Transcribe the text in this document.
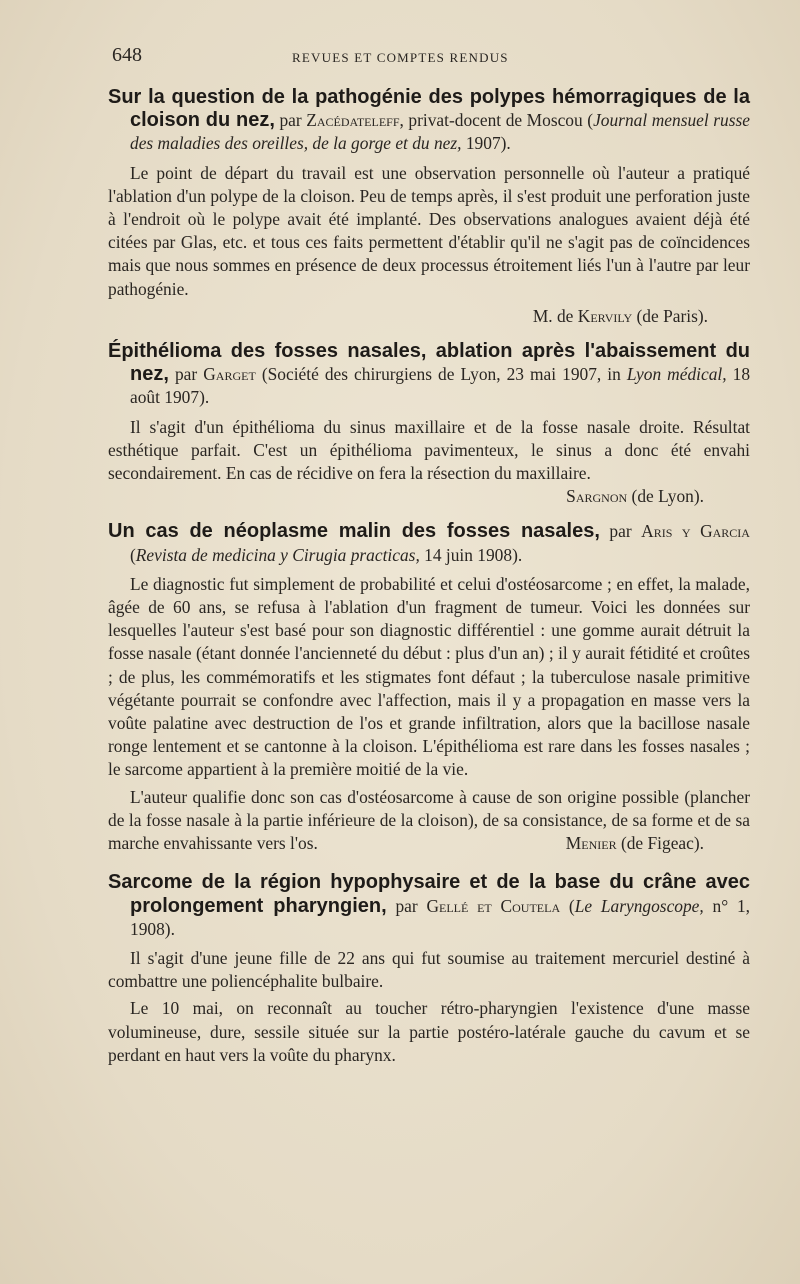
648	REVUES ET COMPTES RENDUS

Sur la question de la pathogénie des polypes hémorragiques de la cloison du nez, par Zacédateleff, privat-docent de Moscou (Journal mensuel russe des maladies des oreilles, de la gorge et du nez, 1907).

Le point de départ du travail est une observation personnelle où l'auteur a pratiqué l'ablation d'un polype de la cloison. Peu de temps après, il s'est produit une perforation juste à l'endroit où le polype avait été implanté. Des observations analogues avaient déjà été citées par Glas, etc. et tous ces faits permettent d'établir qu'il ne s'agit pas de coïncidences mais que nous sommes en présence de deux processus étroitement liés l'un à l'autre par leur pathogénie.

M. de Kervily (de Paris).

Épithélioma des fosses nasales, ablation après l'abaissement du nez, par Garget (Société des chirurgiens de Lyon, 23 mai 1907, in Lyon médical, 18 août 1907).

Il s'agit d'un épithélioma du sinus maxillaire et de la fosse nasale droite. Résultat esthétique parfait. C'est un épithélioma pavimenteux, le sinus a donc été envahi secondairement. En cas de récidive on fera la résection du maxillaire.
Sargnon (de Lyon).

Un cas de néoplasme malin des fosses nasales, par Aris y Garcia (Revista de medicina y Cirugia practicas, 14 juin 1908).

Le diagnostic fut simplement de probabilité et celui d'ostéosarcome ; en effet, la malade, âgée de 60 ans, se refusa à l'ablation d'un fragment de tumeur. Voici les données sur lesquelles l'auteur s'est basé pour son diagnostic différentiel : une gomme aurait détruit la fosse nasale (étant donnée l'ancienneté du début : plus d'un an) ; il y aurait fétidité et croûtes ; de plus, les commémoratifs et les stigmates font défaut ; la tuberculose nasale primitive végétante pourrait se confondre avec l'affection, mais il y a propagation en masse vers la voûte palatine avec destruction de l'os et grande infiltration, alors que la bacillose nasale ronge lentement et se cantonne à la cloison. L'épithélioma est rare dans les fosses nasales ; le sarcome appartient à la première moitié de la vie.

L'auteur qualifie donc son cas d'ostéosarcome à cause de son origine possible (plancher de la fosse nasale à la partie inférieure de la cloison), de sa consistance, de sa forme et de sa marche envahissante vers l'os.	Menier (de Figeac).

Sarcome de la région hypophysaire et de la base du crâne avec prolongement pharyngien, par Gellé et Coutela (Le Laryngoscope, n° 1, 1908).

Il s'agit d'une jeune fille de 22 ans qui fut soumise au traitement mercuriel destiné à combattre une poliencéphalite bulbaire.

Le 10 mai, on reconnaît au toucher rétro-pharyngien l'existence d'une masse volumineuse, dure, sessile située sur la partie postéro-latérale gauche du cavum et se perdant en haut vers la voûte du pharynx.
